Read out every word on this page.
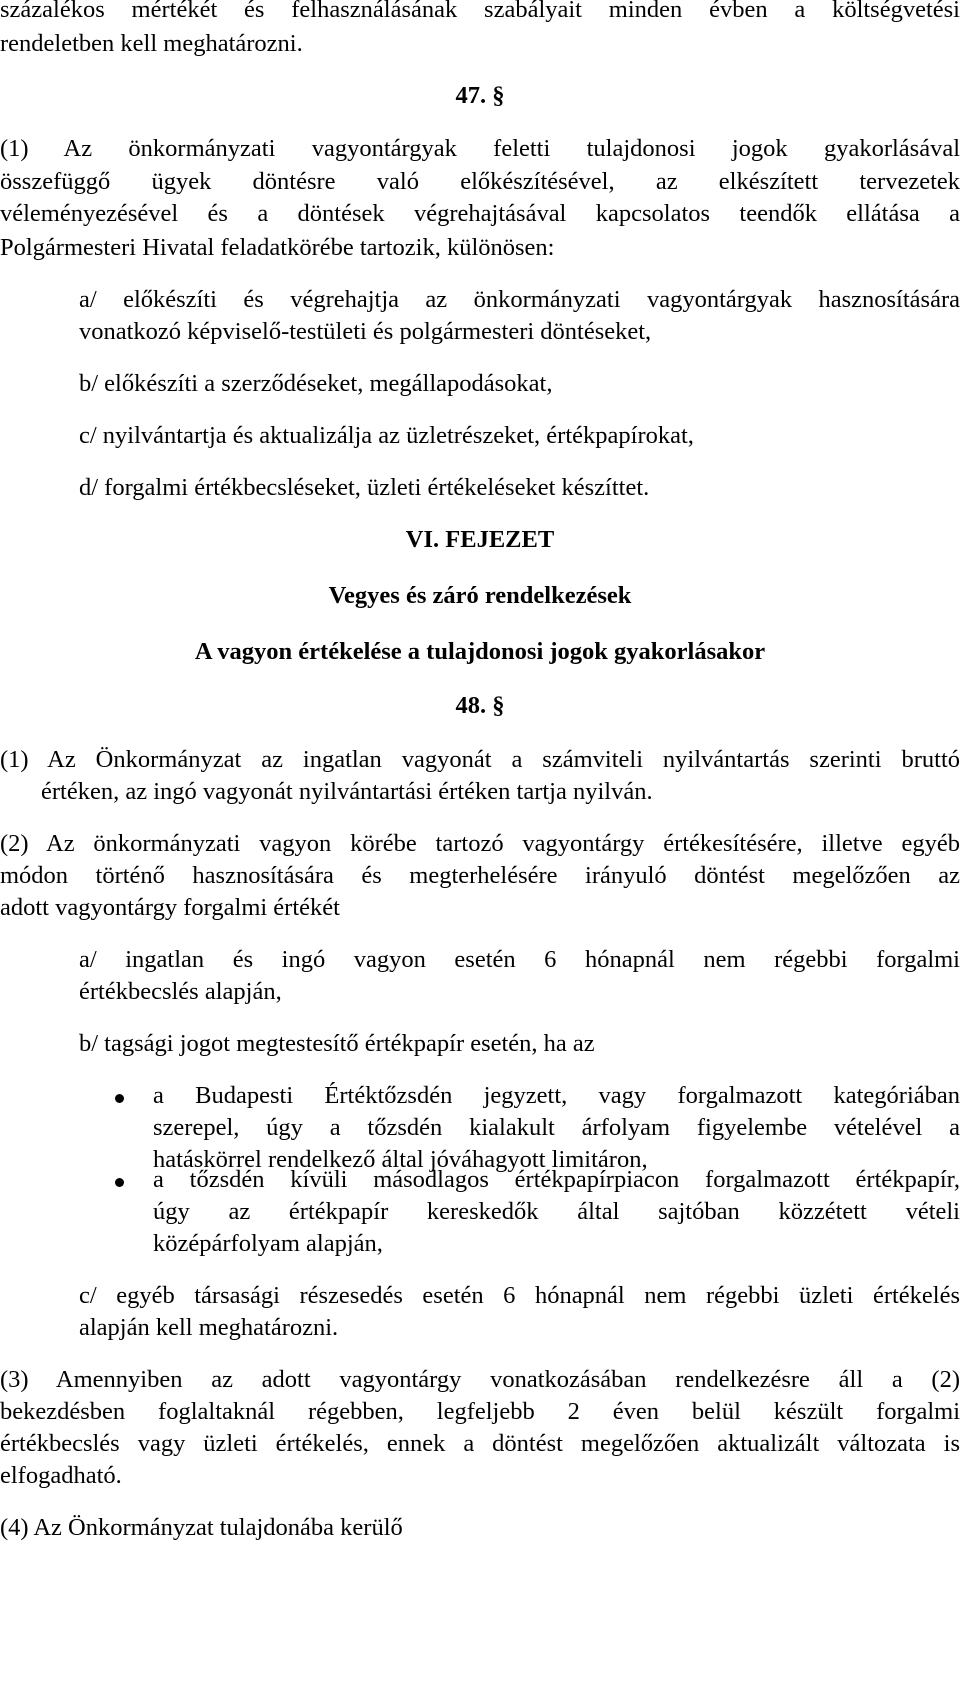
százalékos mértékét és felhasználásának szabályait minden évben a költségvetési
rendeletben kell meghatározni.
47. §
(1) Az önkormányzati vagyontárgyak feletti tulajdonosi jogok gyakorlásával
összefüggő ügyek döntésre való előkészítésével, az elkészített tervezetek
véleményezésével és a döntések végrehajtásával kapcsolatos teendők ellátása a
Polgármesteri Hivatal feladatkörébe tartozik, különösen:
a/ előkészíti és végrehajtja az önkormányzati vagyontárgyak hasznosítására
vonatkozó képviselő-testületi és polgármesteri döntéseket,
b/ előkészíti a szerződéseket, megállapodásokat,
c/ nyilvántartja és aktualizálja az üzletrészeket, értékpapírokat,
d/ forgalmi értékbecsléseket, üzleti értékeléseket készíttet.
VI. FEJEZET
Vegyes és záró rendelkezések
A vagyon értékelése a tulajdonosi jogok gyakorlásakor
48. §
(1) Az Önkormányzat az ingatlan vagyonát a számviteli nyilvántartás szerinti bruttó
értéken, az ingó vagyonát nyilvántartási értéken tartja nyilván.
(2) Az önkormányzati vagyon körébe tartozó vagyontárgy értékesítésére, illetve egyéb
módon történő hasznosítására és megterhelésére irányuló döntést megelőzően az
adott vagyontárgy forgalmi értékét
a/ ingatlan és ingó vagyon esetén 6 hónapnál nem régebbi forgalmi
értékbecslés alapján,
b/ tagsági jogot megtestesítő értékpapír esetén, ha az
a Budapesti Értéktőzsdén jegyzett, vagy forgalmazott kategóriában
szerepel, úgy a tőzsdén kialakult árfolyam figyelembe vételével a
hatáskörrel rendelkező által jóváhagyott limitáron,
a tőzsdén kívüli másodlagos értékpapírpiacon forgalmazott értékpapír,
úgy az értékpapír kereskedők által sajtóban közzétett vételi
középárfolyam alapján,
c/ egyéb társasági részesedés esetén 6 hónapnál nem régebbi üzleti értékelés
alapján kell meghatározni.
(3) Amennyiben az adott vagyontárgy vonatkozásában rendelkezésre áll a (2)
bekezdésben foglaltaknál régebben, legfeljebb 2 éven belül készült forgalmi
értékbecslés vagy üzleti értékelés, ennek a döntést megelőzően aktualizált változata is
elfogadható.
(4) Az Önkormányzat tulajdonába kerülő
